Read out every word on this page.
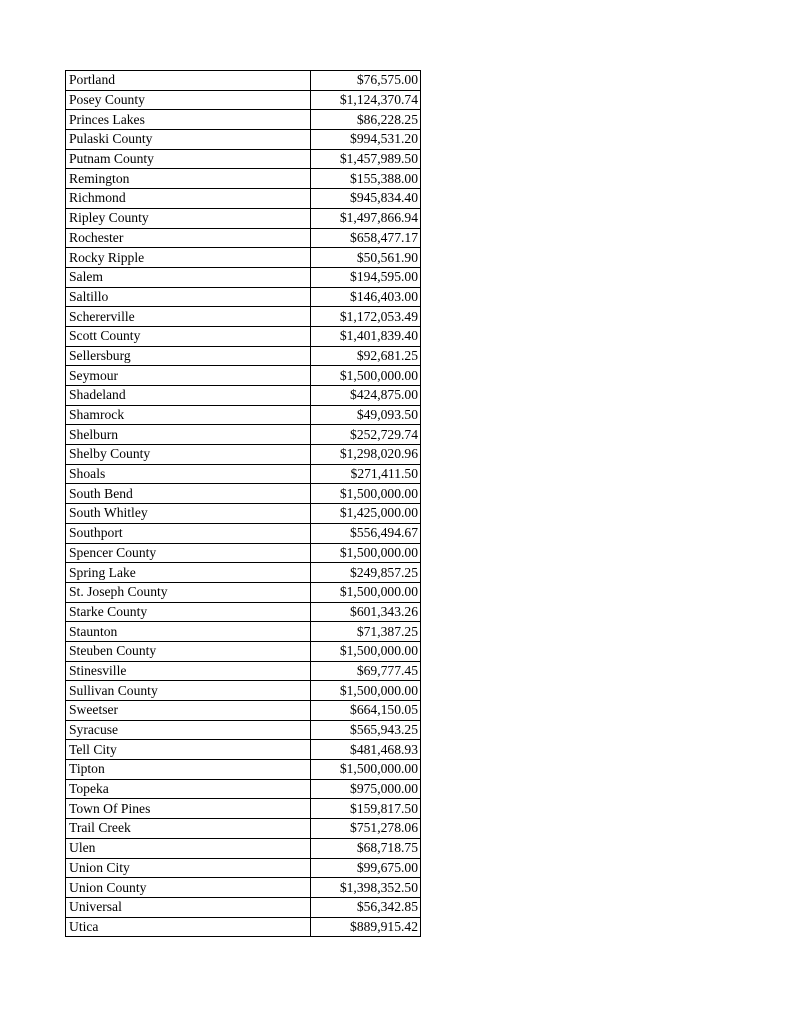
Portland	$76,575.00
Posey County	$1,124,370.74
Princes Lakes	$86,228.25
Pulaski County	$994,531.20
Putnam County	$1,457,989.50
Remington	$155,388.00
Richmond	$945,834.40
Ripley County	$1,497,866.94
Rochester	$658,477.17
Rocky Ripple	$50,561.90
Salem	$194,595.00
Saltillo	$146,403.00
Schererville	$1,172,053.49
Scott County	$1,401,839.40
Sellersburg	$92,681.25
Seymour	$1,500,000.00
Shadeland	$424,875.00
Shamrock	$49,093.50
Shelburn	$252,729.74
Shelby County	$1,298,020.96
Shoals	$271,411.50
South Bend	$1,500,000.00
South Whitley	$1,425,000.00
Southport	$556,494.67
Spencer County	$1,500,000.00
Spring Lake	$249,857.25
St. Joseph County	$1,500,000.00
Starke County	$601,343.26
Staunton	$71,387.25
Steuben County	$1,500,000.00
Stinesville	$69,777.45
Sullivan County	$1,500,000.00
Sweetser	$664,150.05
Syracuse	$565,943.25
Tell City	$481,468.93
Tipton	$1,500,000.00
Topeka	$975,000.00
Town Of Pines	$159,817.50
Trail Creek	$751,278.06
Ulen	$68,718.75
Union City	$99,675.00
Union County	$1,398,352.50
Universal	$56,342.85
Utica	$889,915.42
